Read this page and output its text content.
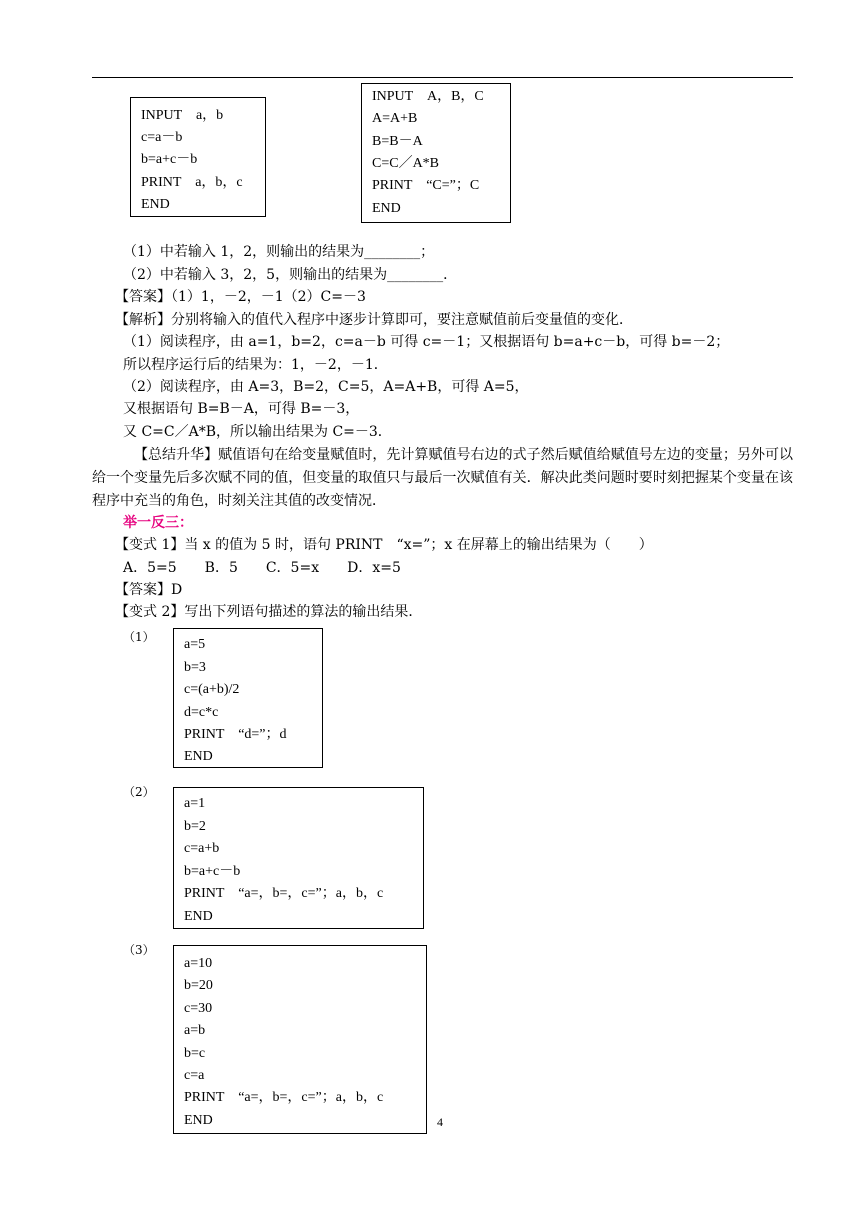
INPUT　a，b
c=a－b
b=a+c－b
PRINT　a，b，c
END
INPUT　A，B，C
A=A+B
B=B－A
C=C／A*B
PRINT　“C=”；C
END
（1）中若输入 1，2，则输出的结果为________；
（2）中若输入 3，2，5，则输出的结果为________．
【答案】（1）1，－2，－1（2）C=－3
【解析】分别将输入的值代入程序中逐步计算即可，要注意赋值前后变量值的变化．
（1）阅读程序，由 a=1，b=2，c=a－b 可得 c=－1；又根据语句 b=a+c－b，可得 b=－2；
所以程序运行后的结果为：1，－2，－1．
（2）阅读程序，由 A=3，B=2，C=5，A=A+B，可得 A=5，
又根据语句 B=B－A，可得 B=－3，
又 C=C／A*B，所以输出结果为 C=－3．
【总结升华】赋值语句在给变量赋值时，先计算赋值号右边的式子然后赋值给赋值号左边的变量；另外可以给一个变量先后多次赋不同的值，但变量的取值只与最后一次赋值有关．解决此类问题时要时刻把握某个变量在该程序中充当的角色，时刻关注其值的改变情况．
举一反三：
【变式 1】当 x 的值为 5 时，语句 PRINT　“x=”；x 在屏幕上的输出结果为（　　）
A．5=5　　B．5　　C．5=x　　D．x=5
【答案】D
【变式 2】写出下列语句描述的算法的输出结果．
（1） a=5
b=3
c=(a+b)/2
d=c*c
PRINT　“d=”；d
END
（2）
a=1
b=2
c=a+b
b=a+c－b
PRINT　“a=，b=，c=”；a，b，c
END
（3）
a=10
b=20
c=30
a=b
b=c
c=a
PRINT　“a=，b=，c=”；a，b，c
END	4
